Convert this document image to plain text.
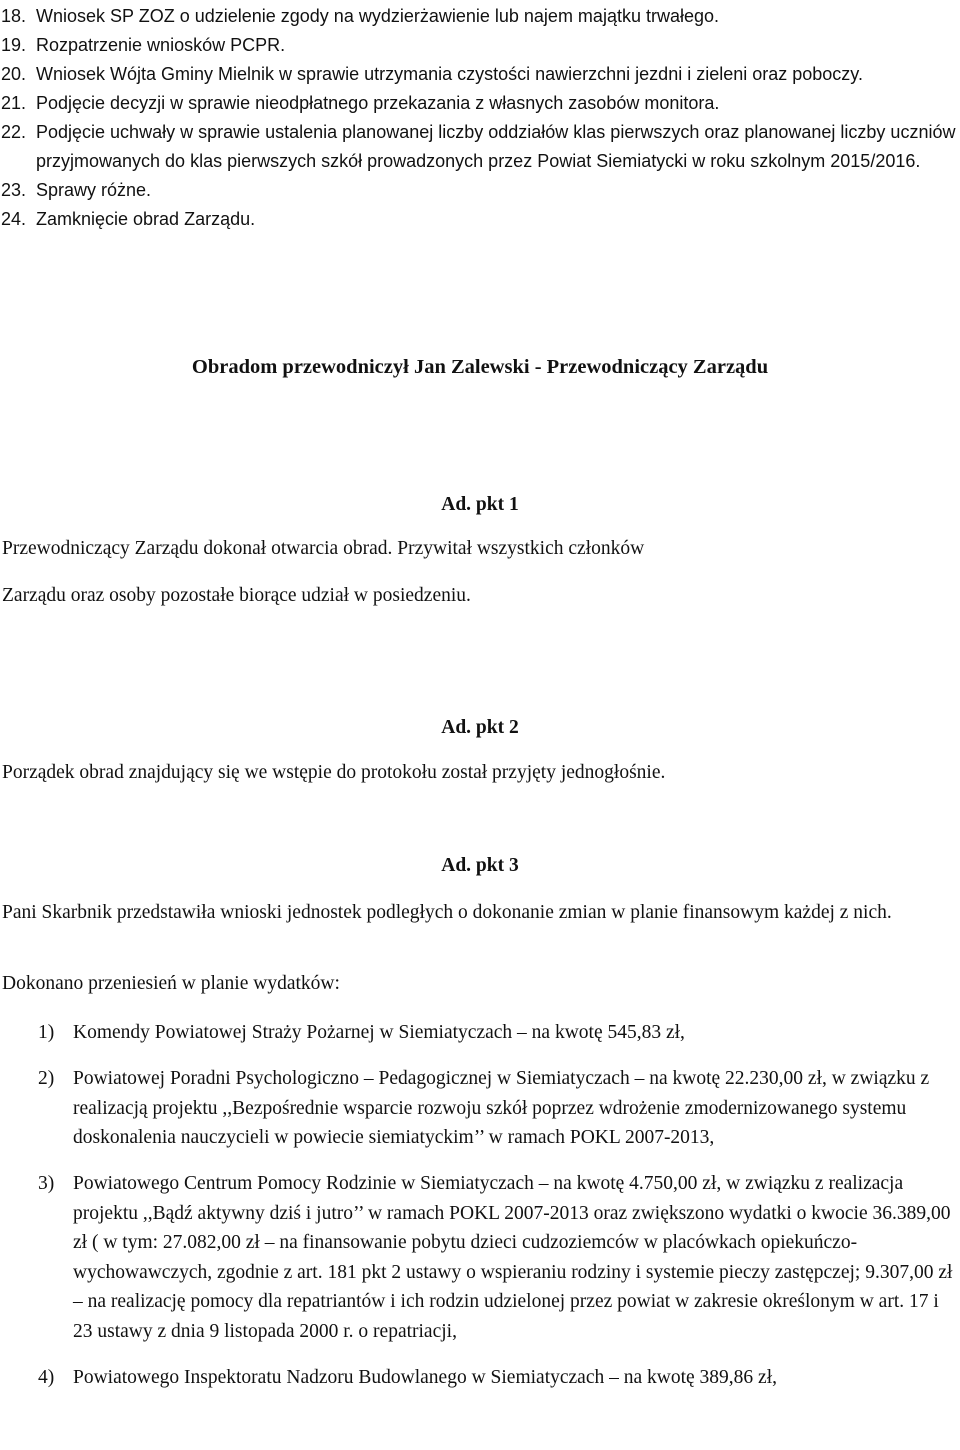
18. Wniosek SP ZOZ o udzielenie zgody na wydzierżawienie lub najem majątku trwałego.

19. Rozpatrzenie wniosków PCPR.

20. Wniosek Wójta Gminy Mielnik w sprawie utrzymania czystości nawierzchni jezdni i zieleni oraz poboczy.

21. Podjęcie decyzji w sprawie nieodpłatnego przekazania z własnych zasobów monitora.

22. Podjęcie uchwały w sprawie ustalenia planowanej liczby oddziałów klas pierwszych oraz planowanej liczby uczniów przyjmowanych do klas pierwszych szkół prowadzonych przez Powiat Siemiatycki w roku szkolnym 2015/2016.

23. Sprawy różne.

24. Zamknięcie obrad Zarządu.

Obradom przewodniczył Jan Zalewski - Przewodniczący Zarządu
Ad. pkt 1

Przewodniczący Zarządu dokonał otwarcia obrad. Przywitał wszystkich członków

Zarządu oraz osoby pozostałe biorące udział w posiedzeniu.

Ad. pkt 2

Porządek obrad znajdujący się we wstępie do protokołu został przyjęty jednogłośnie.

Ad. pkt 3

Pani Skarbnik przedstawiła wnioski jednostek podległych o dokonanie zmian w planie finansowym każdej z nich.

Dokonano przeniesień w planie wydatków:

1) Komendy Powiatowej Straży Pożarnej w Siemiatyczach – na kwotę 545,83 zł,

2) Powiatowej Poradni Psychologiczno – Pedagogicznej w Siemiatyczach – na kwotę 22.230,00 zł, w związku z realizacją projektu ,,Bezpośrednie wsparcie rozwoju szkół poprzez wdrożenie zmodernizowanego systemu doskonalenia nauczycieli w powiecie siemiatyckim’’ w ramach POKL 2007-2013,

3) Powiatowego Centrum Pomocy Rodzinie w Siemiatyczach – na kwotę 4.750,00 zł, w związku z realizacja projektu ,,Bądź aktywny dziś i jutro’’ w ramach POKL 2007-2013 oraz zwiększono wydatki o kwocie 36.389,00 zł ( w tym: 27.082,00 zł – na finansowanie pobytu dzieci cudzoziemców w placówkach opiekuńczo-wychowawczych, zgodnie z art. 181 pkt 2 ustawy o wspieraniu rodziny i systemie pieczy zastępczej; 9.307,00 zł – na realizację pomocy dla repatriantów i ich rodzin udzielonej przez powiat w zakresie określonym w art. 17 i 23 ustawy z dnia 9 listopada 2000 r. o repatriacji,

4) Powiatowego Inspektoratu Nadzoru Budowlanego w Siemiatyczach – na kwotę 389,86 zł,
